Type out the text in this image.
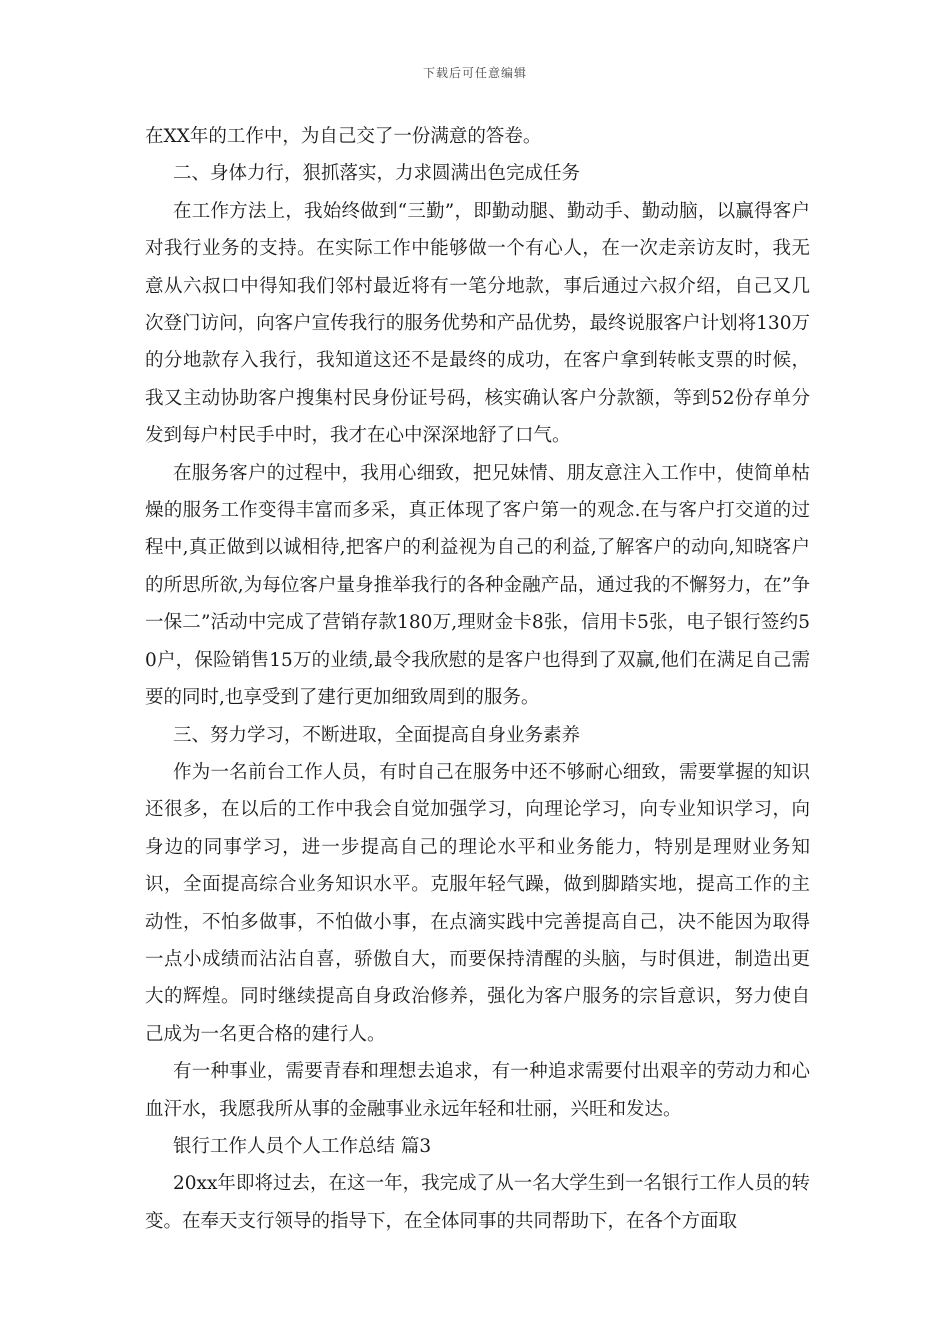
下载后可任意编辑

在XX年的工作中，为自己交了一份满意的答卷。

二、身体力行，狠抓落实，力求圆满出色完成任务

在工作方法上，我始终做到“三勤”，即勤动腿、勤动手、勤动脑，以赢得客户对我行业务的支持。在实际工作中能够做一个有心人，在一次走亲访友时，我无意从六叔口中得知我们邻村最近将有一笔分地款，事后通过六叔介绍，自己又几次登门访问，向客户宣传我行的服务优势和产品优势，最终说服客户计划将130万的分地款存入我行，我知道这还不是最终的成功，在客户拿到转帐支票的时候，我又主动协助客户搜集村民身份证号码，核实确认客户分款额，等到52份存单分发到每户村民手中时，我才在心中深深地舒了口气。

在服务客户的过程中，我用心细致，把兄妹情、朋友意注入工作中，使简单枯燥的服务工作变得丰富而多采，真正体现了客户第一的观念.在与客户打交道的过程中,真正做到以诚相待,把客户的利益视为自己的利益,了解客户的动向,知晓客户的所思所欲,为每位客户量身推举我行的各种金融产品，通过我的不懈努力，在”争一保二”活动中完成了营销存款180万,理财金卡8张，信用卡5张，电子银行签约50户，保险销售15万的业绩,最令我欣慰的是客户也得到了双赢,他们在满足自己需要的同时,也享受到了建行更加细致周到的服务。

三、努力学习，不断进取，全面提高自身业务素养

作为一名前台工作人员，有时自己在服务中还不够耐心细致，需要掌握的知识还很多，在以后的工作中我会自觉加强学习，向理论学习，向专业知识学习，向身边的同事学习，进一步提高自己的理论水平和业务能力，特别是理财业务知识，全面提高综合业务知识水平。克服年轻气躁，做到脚踏实地，提高工作的主动性，不怕多做事，不怕做小事，在点滴实践中完善提高自己，决不能因为取得一点小成绩而沾沾自喜，骄傲自大，而要保持清醒的头脑，与时俱进，制造出更大的辉煌。同时继续提高自身政治修养，强化为客户服务的宗旨意识，努力使自己成为一名更合格的建行人。

有一种事业，需要青春和理想去追求，有一种追求需要付出艰辛的劳动力和心血汗水，我愿我所从事的金融事业永远年轻和壮丽，兴旺和发达。

银行工作人员个人工作总结 篇3

20xx年即将过去，在这一年，我完成了从一名大学生到一名银行工作人员的转变。在奉天支行领导的指导下，在全体同事的共同帮助下，在各个方面取
